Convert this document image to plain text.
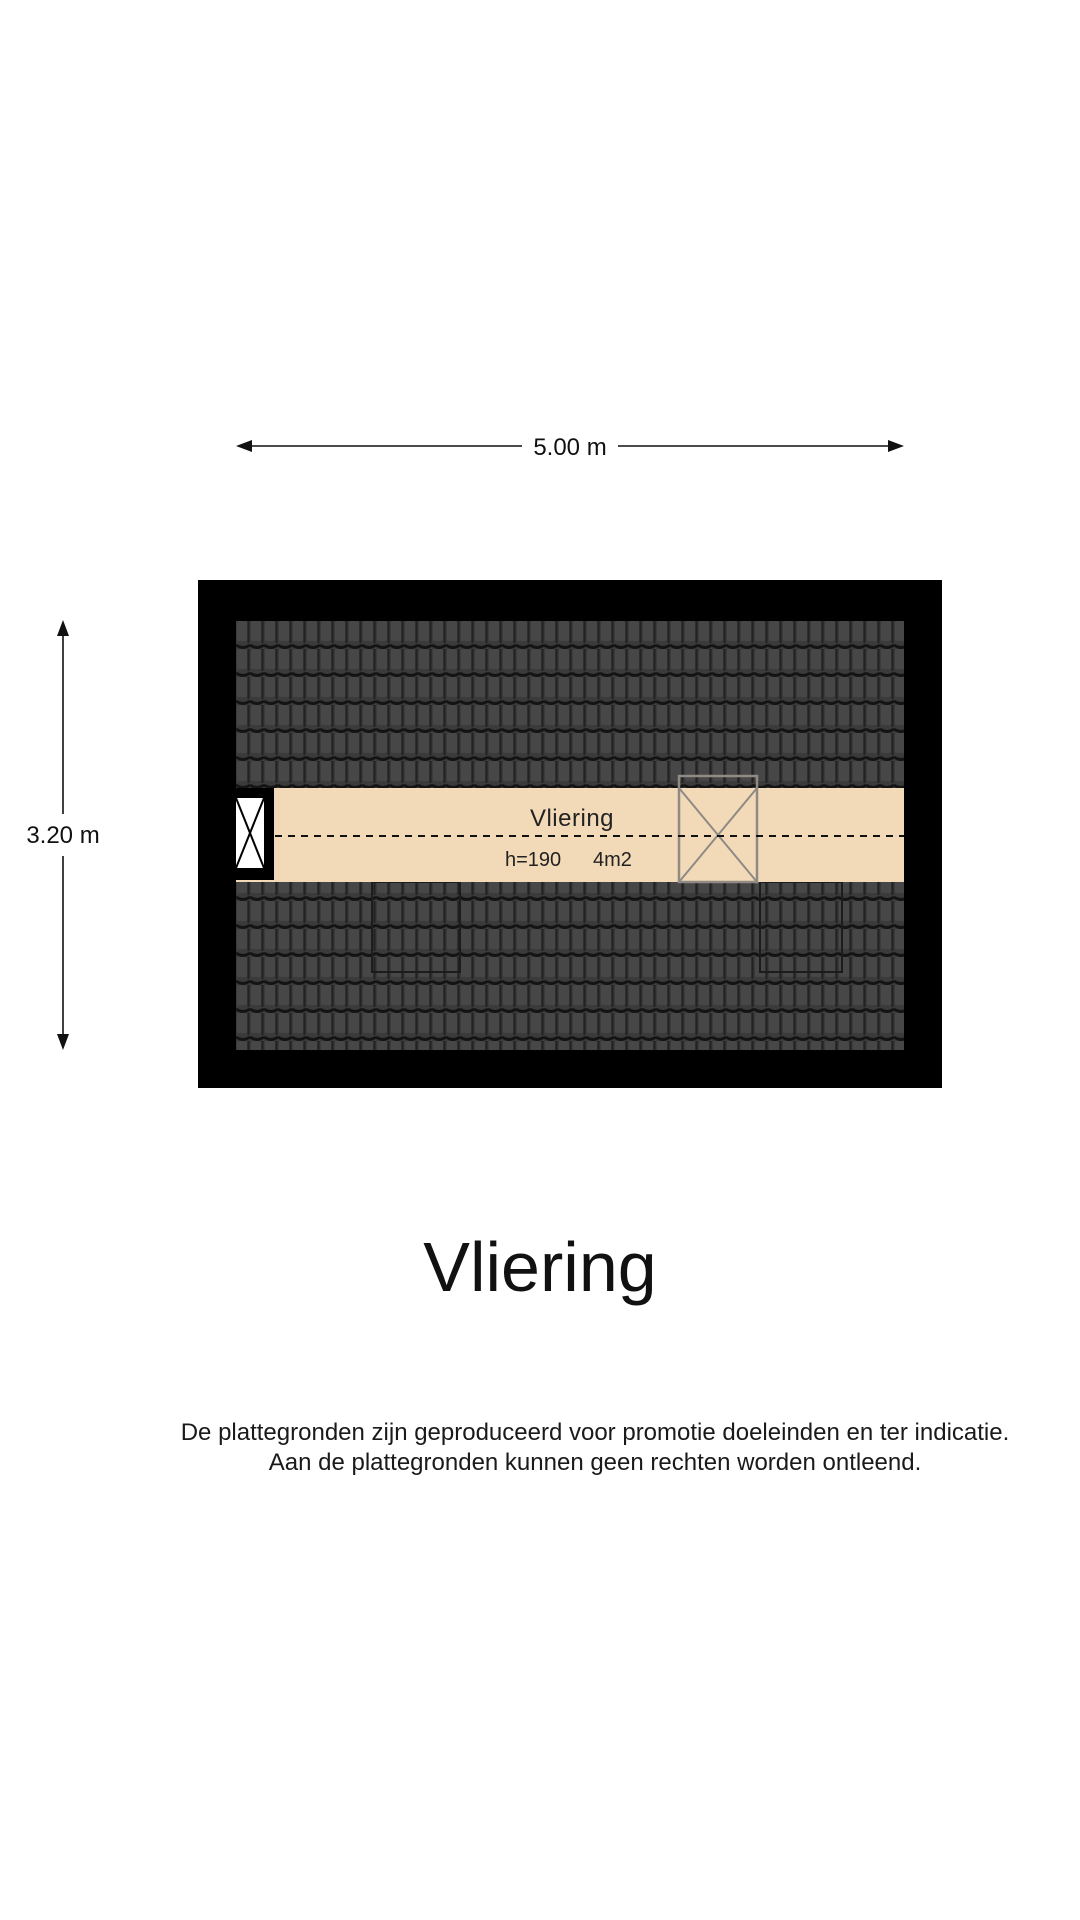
5.00 m
3.20 m
Vliering
h=190 4m2
Vliering
De plattegronden zijn geproduceerd voor promotie doeleinden en ter indicatie.
Aan de plattegronden kunnen geen rechten worden ontleend.
